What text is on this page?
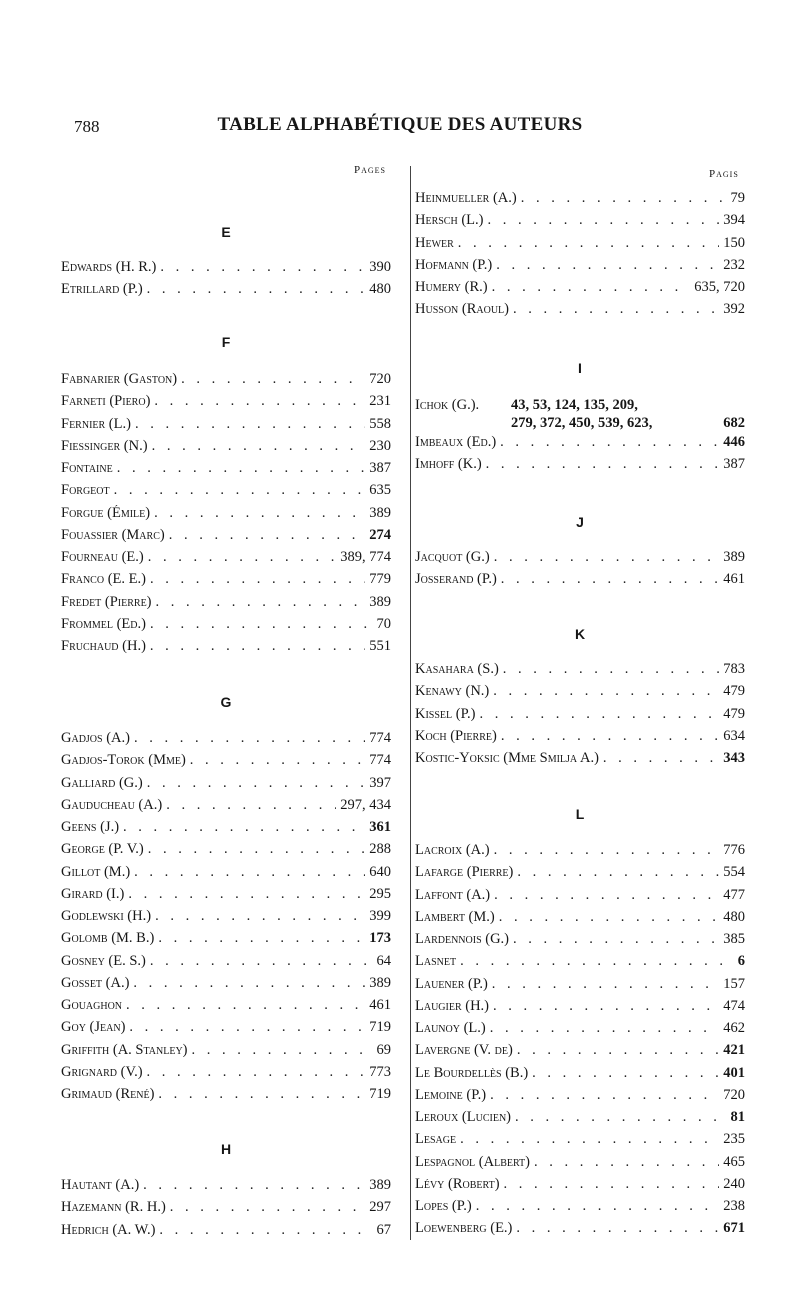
788	TABLE ALPHABÉTIQUE DES AUTEURS
Pages	Pagis
E
Edwards (H. R.) . . .	390
Etrillard (P.) . . .	480
F
Fabnarier (Gaston) . . .	720
Farneti (Piero) . . .	231
Fernier (L.) . . .	558
Fiessinger (N.) . . .	230
Fontaine . . .	387
Forgeot . . .	635
Forgue (Émile) . . .	389
Fouassier (Marc) . . .	274
Fourneau (E.) . . .	389, 774
Franco (E. E.) . . .	779
Fredet (Pierre) . . .	389
Frommel (Ed.) . . .	70
Fruchaud (H.) . . .	551
G
Gadjos (A.) . . .	774
Gadjos-Torok (Mme) . . .	774
Galliard (G.) . . .	397
Gauducheau (A.) . . .	297, 434
Geens (J.) . . .	361
George (P. V.) . . .	288
Gillot (M.) . . .	640
Girard (I.) . . .	295
Godlewski (H.) . . .	399
Golomb (M. B.) . . .	173
Gosney (E. S.) . . .	64
Gosset (A.) . . .	389
Gouaghon . . .	461
Goy (Jean) . . .	719
Griffith (A. Stanley) . . .	69
Grignard (V.) . . .	773
Grimaud (René) . . .	719
H
Hautant (A.) . . .	389
Hazemann (R. H.) . . .	297
Hedrich (A. W.) . . .	67
Heinmueller (A.) . . .	79
Hersch (L.) . . .	394
Hewer . . .	150
Hofmann (P.) . . .	232
Humery (R.) . . .	635, 720
Husson (Raoul) . . .	392
I
Ichok (G.). 43, 53, 124, 135, 209,
279, 372, 450, 539, 623,	682
Imbeaux (Ed.) . . .	446
Imhoff (K.) . . .	387
J
Jacquot (G.) . . .	389
Josserand (P.) . . .	461
K
Kasahara (S.) . . .	783
Kenawy (N.) . . .	479
Kissel (P.) . . .	479
Koch (Pierre) . . .	634
Kostic-Yoksic (Mme Smilja A.) . . .	343
L
Lacroix (A.) . . .	776
Lafarge (Pierre) . . .	554
Laffont (A.) . . .	477
Lambert (M.) . . .	480
Lardennois (G.) . . .	385
Lasnet . . .	6
Lauener (P.) . . .	157
Laugier (H.) . . .	474
Launoy (L.) . . .	462
Lavergne (V. de) . . .	421
Le Bourdellès (B.) . . .	401
Lemoine (P.) . . .	720
Leroux (Lucien) . . .	81
Lesage . . .	235
Lespagnol (Albert) . . .	465
Lévy (Robert) . . .	240
Lopes (P.) . . .	238
Loewenberg (E.) . . .	671
